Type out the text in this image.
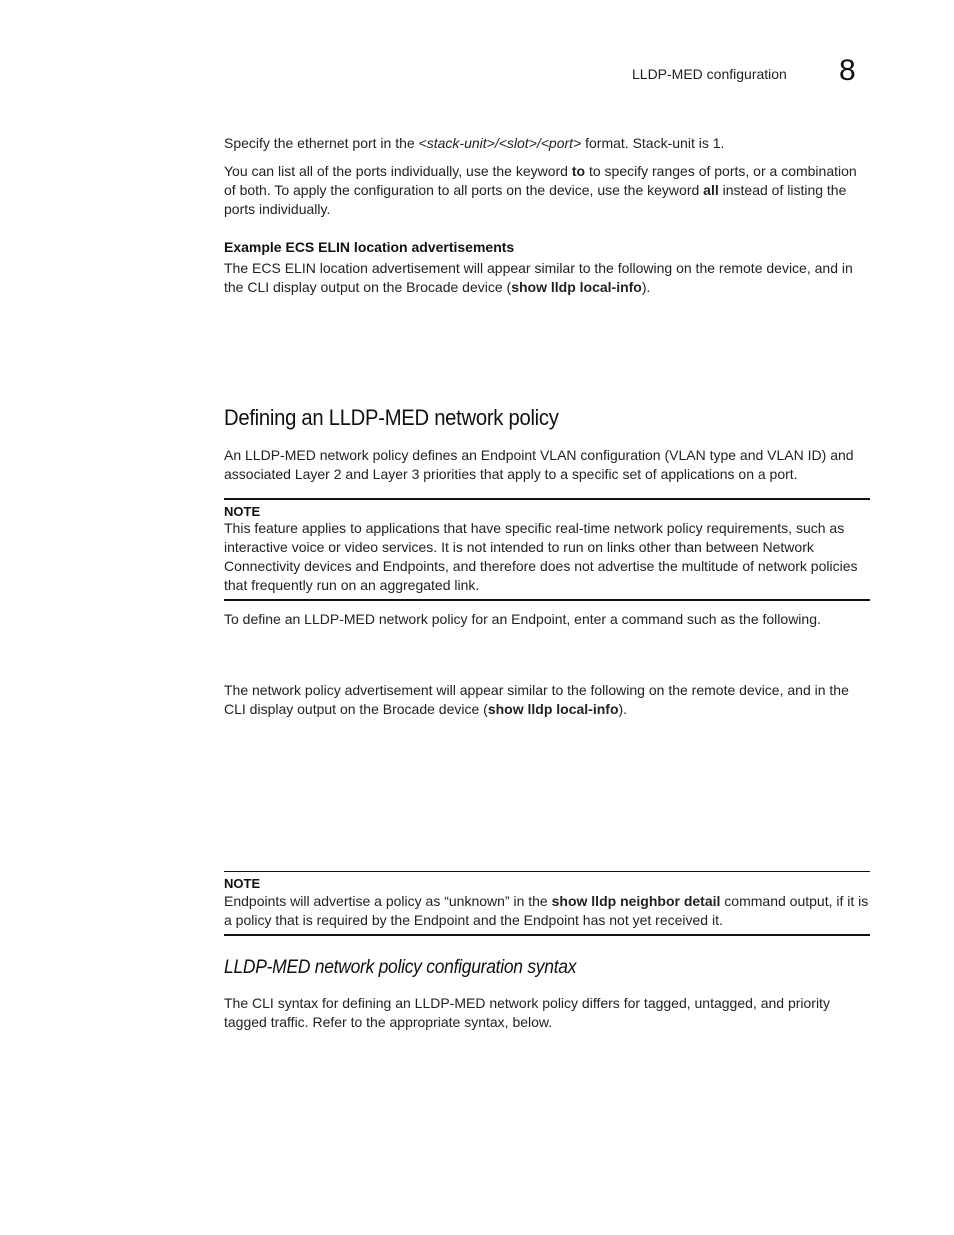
LLDP-MED configuration 8
Specify the ethernet port in the <stack-unit>/<slot>/<port> format. Stack-unit is 1.
You can list all of the ports individually, use the keyword to to specify ranges of ports, or a combination of both. To apply the configuration to all ports on the device, use the keyword all instead of listing the ports individually.
Example ECS ELIN location advertisements
The ECS ELIN location advertisement will appear similar to the following on the remote device, and in the CLI display output on the Brocade device (show lldp local-info).
Defining an LLDP-MED network policy
An LLDP-MED network policy defines an Endpoint VLAN configuration (VLAN type and VLAN ID) and associated Layer 2 and Layer 3 priorities that apply to a specific set of applications on a port.
NOTE
This feature applies to applications that have specific real-time network policy requirements, such as interactive voice or video services. It is not intended to run on links other than between Network Connectivity devices and Endpoints, and therefore does not advertise the multitude of network policies that frequently run on an aggregated link.
To define an LLDP-MED network policy for an Endpoint, enter a command such as the following.
The network policy advertisement will appear similar to the following on the remote device, and in the CLI display output on the Brocade device (show lldp local-info).
NOTE
Endpoints will advertise a policy as “unknown” in the show lldp neighbor detail command output, if it is a policy that is required by the Endpoint and the Endpoint has not yet received it.
LLDP-MED network policy configuration syntax
The CLI syntax for defining an LLDP-MED network policy differs for tagged, untagged, and priority tagged traffic. Refer to the appropriate syntax, below.
